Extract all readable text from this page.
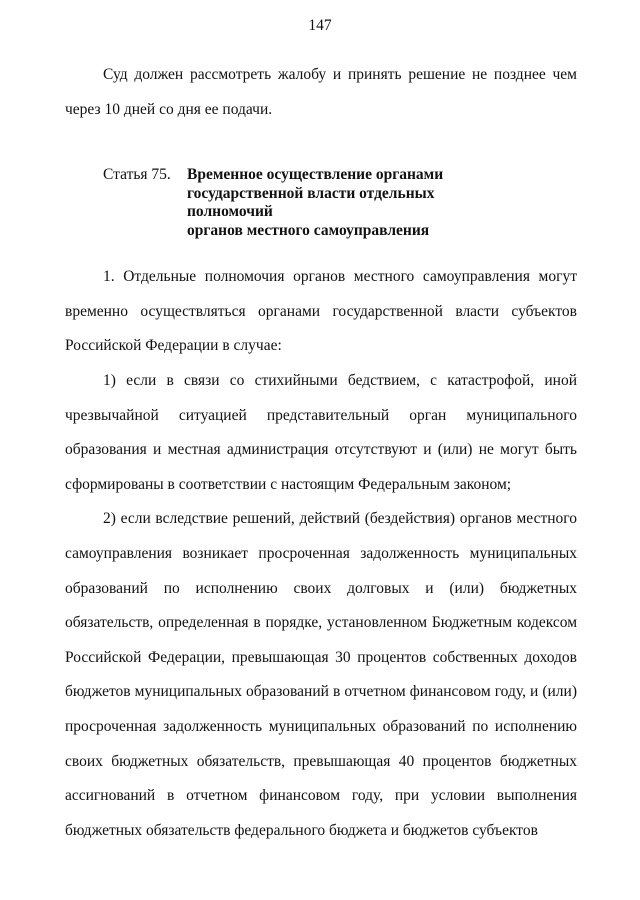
147

Суд должен рассмотреть жалобу и принять решение не позднее чем через 10 дней со дня ее подачи.

Статья 75.	Временное осуществление органами
государственной власти отдельных полномочий
органов местного самоуправления

1. Отдельные полномочия органов местного самоуправления могут временно осуществляться органами государственной власти субъектов Российской Федерации в случае:

1) если в связи со стихийными бедствием, с катастрофой, иной чрезвычайной ситуацией представительный орган муниципального образования и местная администрация отсутствуют и (или) не могут быть сформированы в соответствии с настоящим Федеральным законом;

2) если вследствие решений, действий (бездействия) органов местного самоуправления возникает просроченная задолженность муниципальных образований по исполнению своих долговых и (или) бюджетных обязательств, определенная в порядке, установленном Бюджетным кодексом Российской Федерации, превышающая 30 процентов собственных доходов бюджетов муниципальных образований в отчетном финансовом году, и (или) просроченная задолженность муниципальных образований по исполнению своих бюджетных обязательств, превышающая 40 процентов бюджетных ассигнований в отчетном финансовом году, при условии выполнения бюджетных обязательств федерального бюджета и бюджетов субъектов
